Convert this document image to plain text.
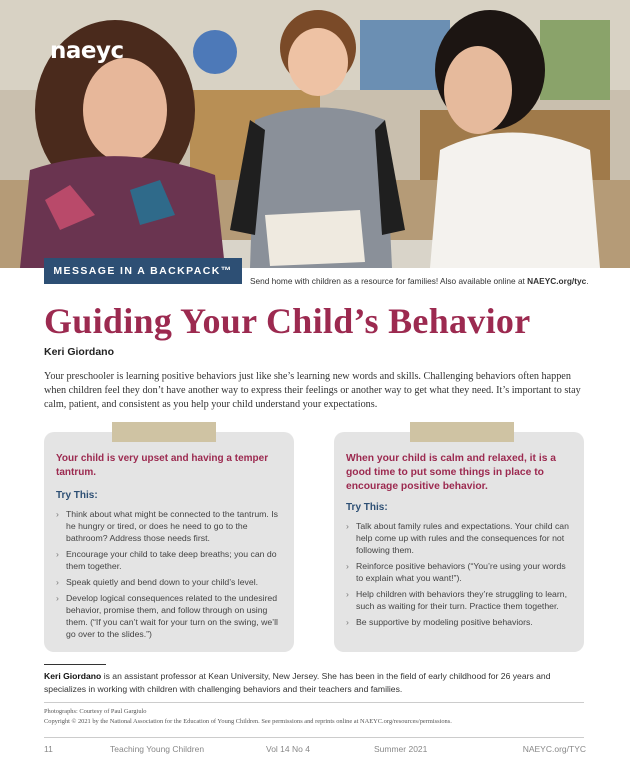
naeyc
MESSAGE IN A BACKPACK™
Send home with children as a resource for families! Also available online at NAEYC.org/tyc.
Guiding Your Child’s Behavior
Keri Giordano

Your preschooler is learning positive behaviors just like she’s learning new words and skills. Challenging behaviors often happen when children feel they don’t have another way to express their feelings or another way to get what they need. It’s important to stay calm, patient, and consistent as you help your child understand your expectations.

Your child is very upset and having a temper tantrum.
Try This:
› Think about what might be connected to the tantrum. Is he hungry or tired, or does he need to go to the bathroom? Address those needs first.
› Encourage your child to take deep breaths; you can do them together.
› Speak quietly and bend down to your child’s level.
› Develop logical consequences related to the undesired behavior, promise them, and follow through on using them. (“If you can’t wait for your turn on the swing, we’ll go over to the slides.”)
When your child is calm and relaxed, it is a good time to put some things in place to encourage positive behavior.
Try This:
› Talk about family rules and expectations. Your child can help come up with rules and the consequences for not following them.
› Reinforce positive behaviors (“You’re using your words to explain what you want!”).
› Help children with behaviors they’re struggling to learn, such as waiting for their turn. Practice them together.
› Be supportive by modeling positive behaviors.

Keri Giordano is an assistant professor at Kean University, New Jersey. She has been in the field of early childhood for 26 years and specializes in working with children with challenging behaviors and their teachers and families.

Photographs: Courtesy of Paul Gargiulo
Copyright © 2021 by the National Association for the Education of Young Children. See permissions and reprints online at NAEYC.org/resources/permissions.
11	Teaching Young Children	Vol 14 No 4	Summer 2021	NAEYC.org/TYC
